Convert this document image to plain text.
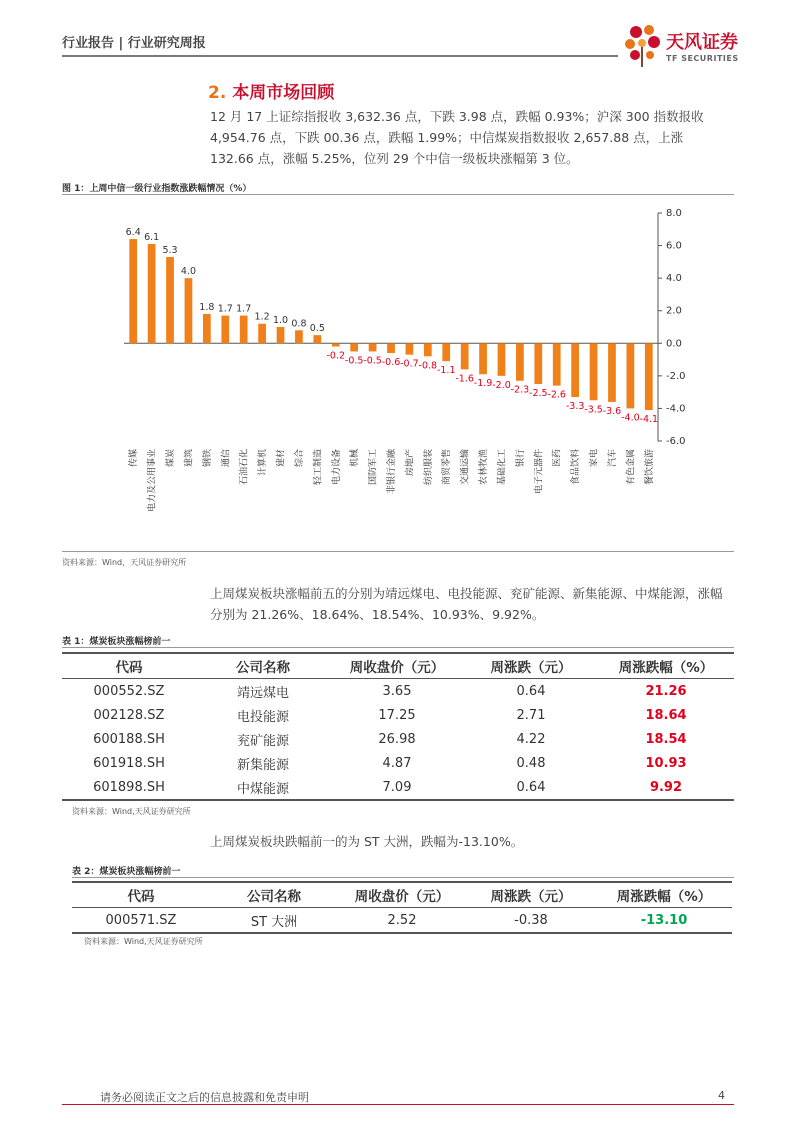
行业报告 | 行业研究周报	天风证券
TF SECURITIES
2. 本周市场回顾
12 月 17 上证综指报收 3,632.36 点，下跌 3.98 点，跌幅 0.93%；沪深 300 指数报收 4,954.76 点，下跌 00.36 点，跌幅 1.99%；中信煤炭指数报收 2,657.88 点，上涨 132.66 点，涨幅 5.25%，位列 29 个中信一级板块涨幅第 3 位。
图 1：上周中信一级行业指数涨跌幅情况（%）
8.0
6.0
4.0
2.0
0.0
-2.0
-4.0
-6.0
6.4
传媒
6.1
电力及公用事业
5.3
煤炭
4.0
建筑
1.8
钢铁
1.7
通信
1.7
石油石化
1.2
计算机
1.0
建材
0.8
综合
0.5
轻工制造
-0.2
电力设备
-0.5
机械
-0.5
国防军工
-0.6
非银行金融
-0.7
房地产
-0.8
纺织服装
-1.1
商贸零售
-1.6
交通运输
-1.9
农林牧渔
-2.0
基础化工
-2.3
银行
-2.5
电子元器件
-2.6
医药
-3.3
食品饮料
-3.5
家电
-3.6
汽车
-4.0
有色金属
-4.1
餐饮旅游
资料来源：Wind，天风证券研究所
上周煤炭板块涨幅前五的分别为靖远煤电、电投能源、兖矿能源、新集能源、中煤能源，涨幅分别为 21.26%、18.64%、18.54%、10.93%、9.92%。
表 1：煤炭板块涨幅榜前一
代码	公司名称	周收盘价（元）	周涨跌（元）	周涨跌幅（%）
000552.SZ	靖远煤电	3.65	0.64	21.26
002128.SZ	电投能源	17.25	2.71	18.64
600188.SH	兖矿能源	26.98	4.22	18.54
601918.SH	新集能源	4.87	0.48	10.93
601898.SH	中煤能源	7.09	0.64	9.92
资料来源：Wind,天风证券研究所
上周煤炭板块跌幅前一的为 ST 大洲，跌幅为-13.10%。
表 2：煤炭板块涨幅榜前一
代码	公司名称	周收盘价（元）	周涨跌（元）	周涨跌幅（%）
000571.SZ	ST 大洲	2.52	-0.38	-13.10
资料来源：Wind,天风证券研究所
请务必阅读正文之后的信息披露和免责申明	4
